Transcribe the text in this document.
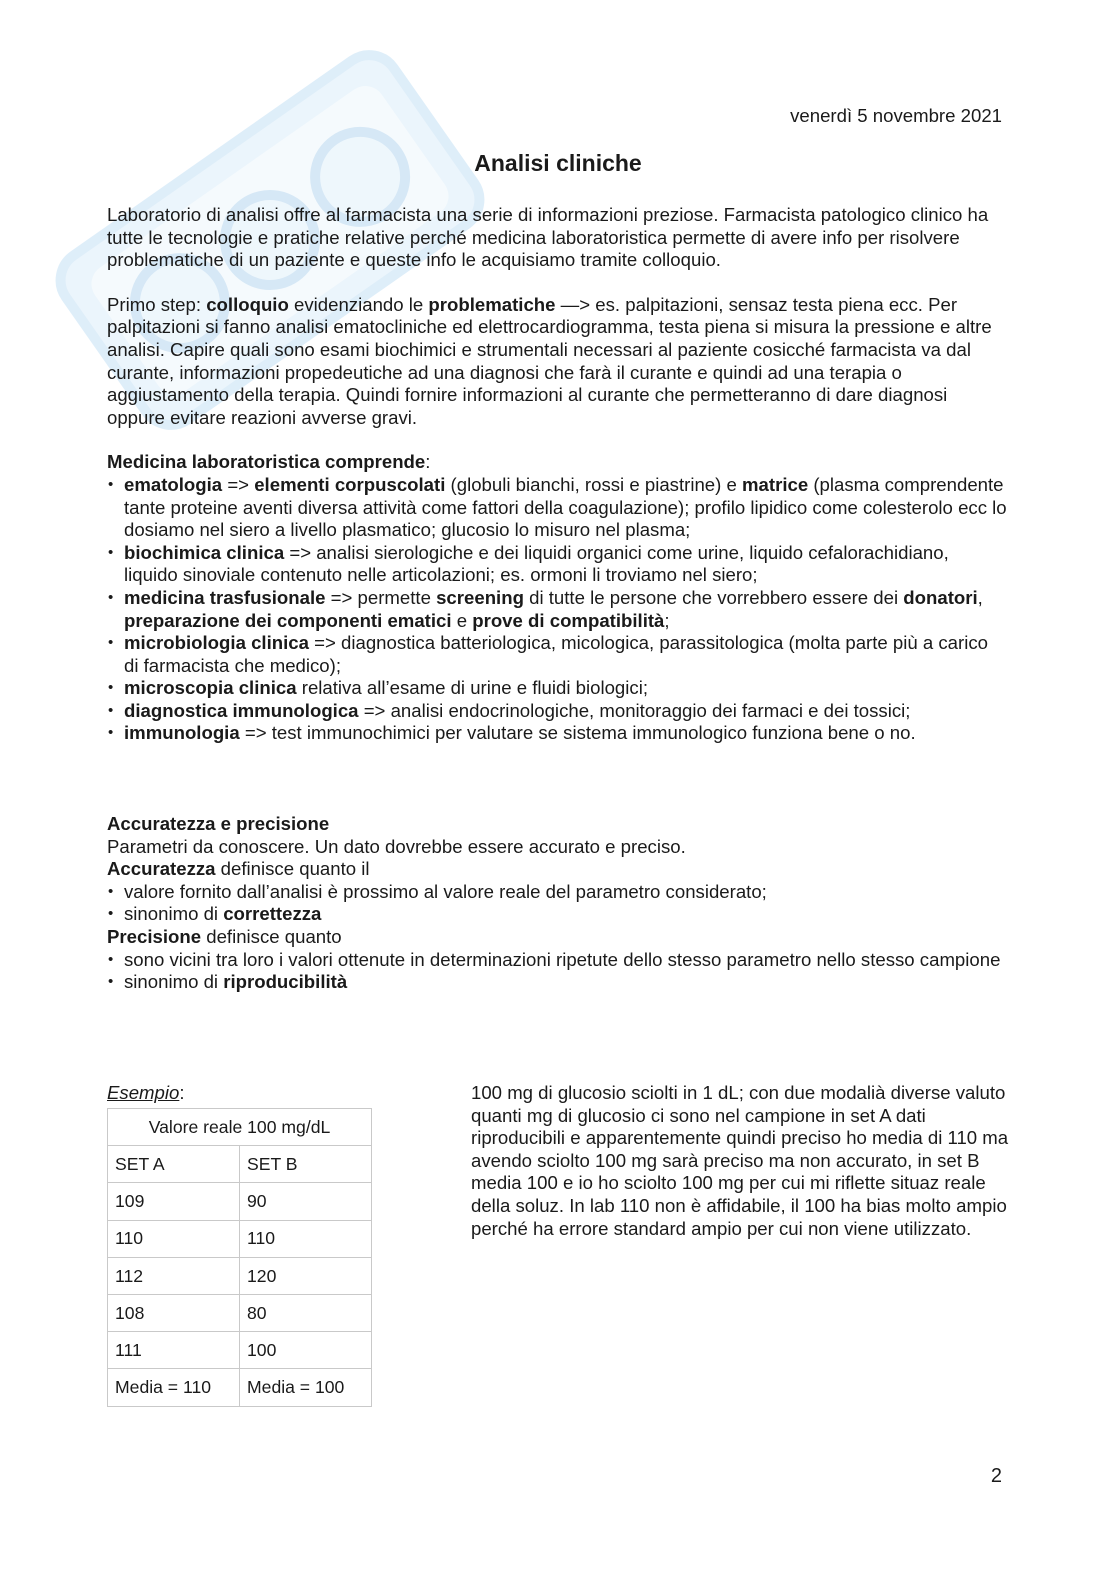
venerdì 5 novembre 2021
Analisi cliniche

Laboratorio di analisi offre al farmacista una serie di informazioni preziose. Farmacista patologico clinico ha tutte le tecnologie e pratiche relative perché medicina laboratoristica permette di avere info per risolvere problematiche di un paziente e queste info le acquisiamo tramite colloquio.

Primo step: colloquio evidenziando le problematiche —> es. palpitazioni, sensaz testa piena ecc. Per palpitazioni si fanno analisi ematocliniche ed elettrocardiogramma, testa piena si misura la pressione e altre analisi. Capire quali sono esami biochimici e strumentali necessari al paziente cosicché farmacista va dal curante, informazioni propedeutiche ad una diagnosi che farà il curante e quindi ad una terapia o aggiustamento della terapia. Quindi fornire informazioni al curante che permetteranno di dare diagnosi oppure evitare reazioni avverse gravi.

Medicina laboratoristica comprende:

• ematologia => elementi corpuscolati (globuli bianchi, rossi e piastrine) e matrice (plasma comprendente tante proteine aventi diversa attività come fattori della coagulazione); profilo lipidico come colesterolo ecc lo dosiamo nel siero a livello plasmatico; glucosio lo misuro nel plasma;
• biochimica clinica => analisi sierologiche e dei liquidi organici come urine, liquido cefalorachidiano, liquido sinoviale contenuto nelle articolazioni; es. ormoni li troviamo nel siero;
• medicina trasfusionale => permette screening di tutte le persone che vorrebbero essere dei donatori, preparazione dei componenti ematici e prove di compatibilità;
• microbiologia clinica => diagnostica batteriologica, micologica, parassitologica (molta parte più a carico di farmacista che medico);
• microscopia clinica relativa all’esame di urine e fluidi biologici;
• diagnostica immunologica => analisi endocrinologiche, monitoraggio dei farmaci e dei tossici;
• immunologia => test immunochimici per valutare se sistema immunologico funziona bene o no.

Accuratezza e precisione

Parametri da conoscere. Un dato dovrebbe essere accurato e preciso.

Accuratezza definisce quanto il

• valore fornito dall’analisi è prossimo al valore reale del parametro considerato;
• sinonimo di correttezza

Precisione definisce quanto

• sono vicini tra loro i valori ottenute in determinazioni ripetute dello stesso parametro nello stesso campione
• sinonimo di riproducibilità
Esempio:
Valore reale 100 mg/dL	
SET A	SET B
109	90
110	110
112	120
108	80
111	100
Media = 110	Media = 100

100 mg di glucosio sciolti in 1 dL; con due modalià diverse valuto quanti mg di glucosio ci sono nel campione in set A dati riproducibili e apparentemente quindi preciso ho media di 110 ma avendo sciolto 100 mg sarà preciso ma non accurato, in set B media 100 e io ho sciolto 100 mg per cui mi riflette situaz reale della soluz. In lab 110 non è affidabile, il 100 ha bias molto ampio perché ha errore standard ampio per cui non viene utilizzato.

2
